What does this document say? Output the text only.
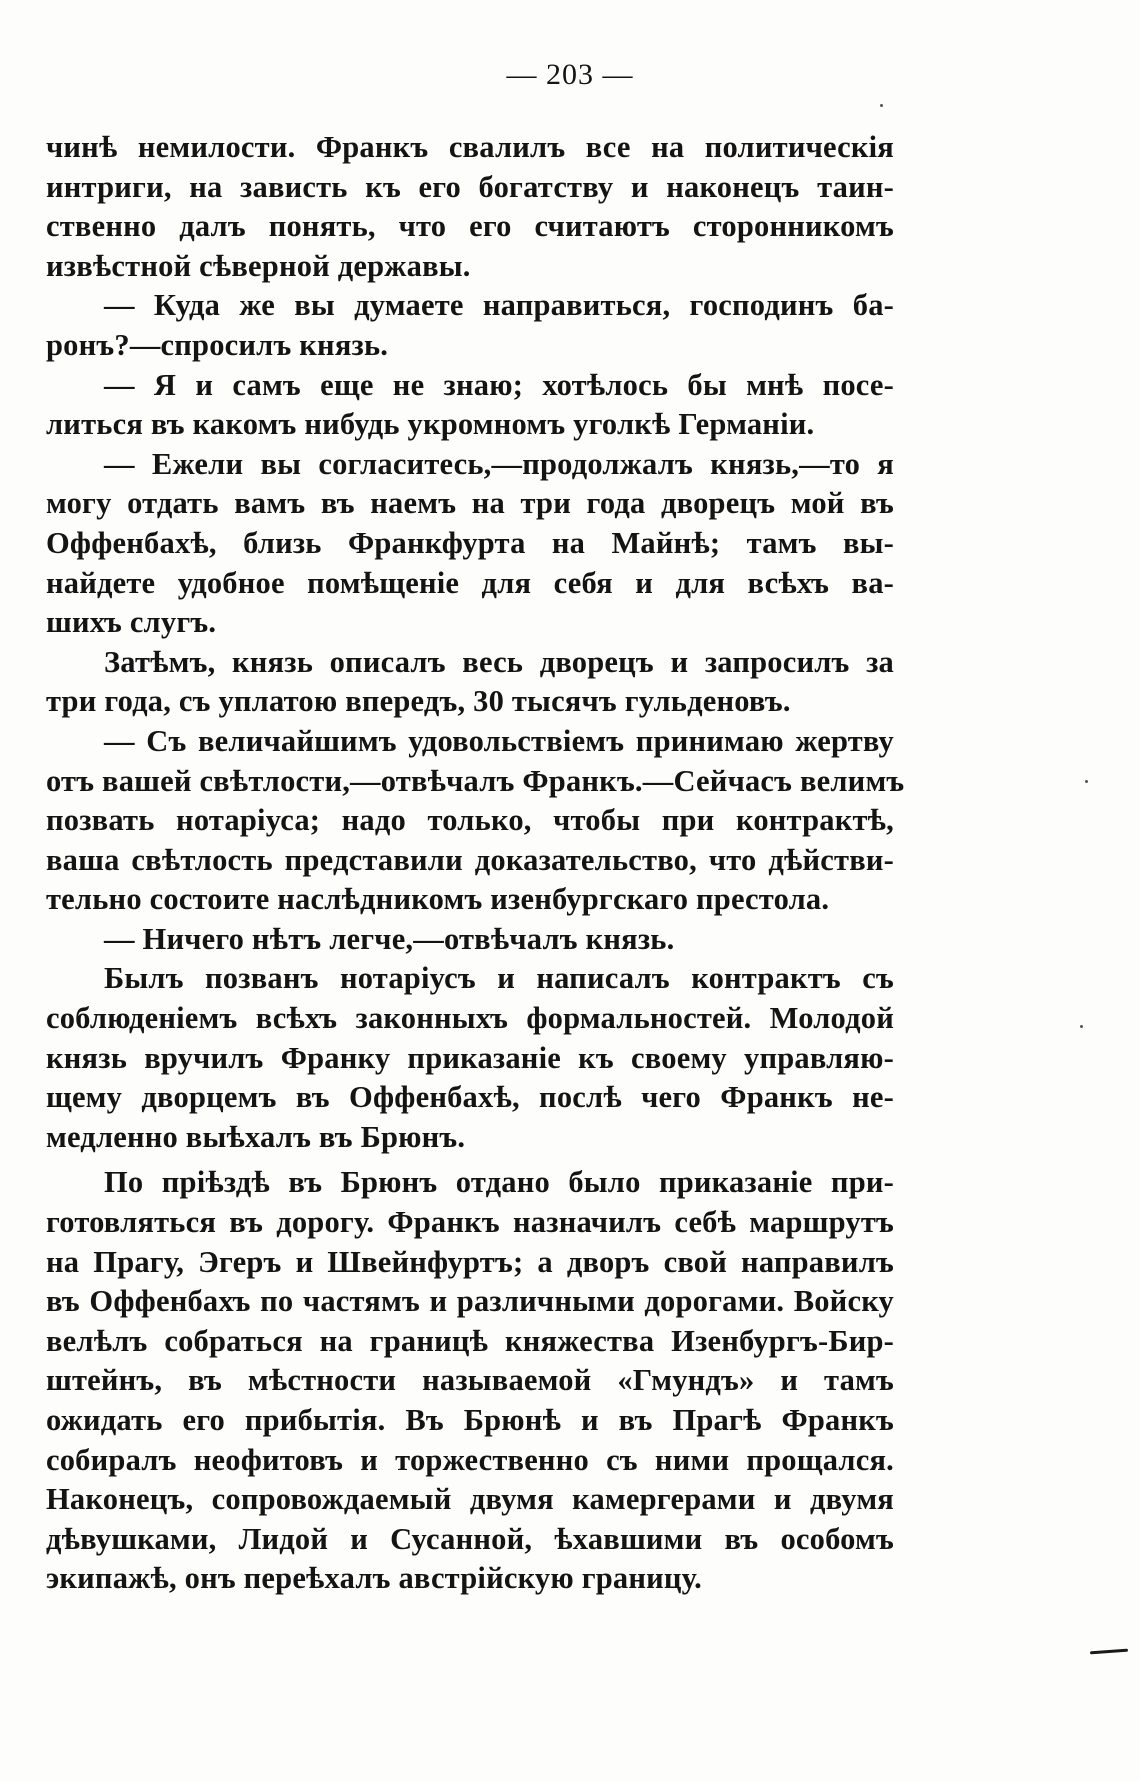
— 203 —
чинѣ немилости. Франкъ свалилъ все на политическія
интриги, на зависть къ его богатству и наконецъ таин-
ственно далъ понять, что его считаютъ сторонникомъ
извѣстной сѣверной державы.
— Куда же вы думаете направиться, господинъ ба-
ронъ?—спросилъ князь.
— Я и самъ еще не знаю; хотѣлось бы мнѣ посе-
литься въ какомъ нибудь укромномъ уголкѣ Германіи.
— Ежели вы согласитесь,—продолжалъ князь,—то я
могу отдать вамъ въ наемъ на три года дворецъ мой въ
Оффенбахѣ, близь Франкфурта на Майнѣ; тамъ вы-
найдете удобное помѣщеніе для себя и для всѣхъ ва-
шихъ слугъ.
Затѣмъ, князь описалъ весь дворецъ и запросилъ за
три года, съ уплатою впередъ, 30 тысячъ гульденовъ.
— Съ величайшимъ удовольствіемъ принимаю жертву
отъ вашей свѣтлости,—отвѣчалъ Франкъ.—Сейчасъ велимъ
позвать нотаріуса; надо только, чтобы при контрактѣ,
ваша свѣтлость представили доказательство, что дѣйстви-
тельно состоите наслѣдникомъ изенбургскаго престола.
— Ничего нѣтъ легче,—отвѣчалъ князь.
Былъ позванъ нотаріусъ и написалъ контрактъ съ
соблюденіемъ всѣхъ законныхъ формальностей. Молодой
князь вручилъ Франку приказаніе къ своему управляю-
щему дворцемъ въ Оффенбахѣ, послѣ чего Франкъ не-
медленно выѣхалъ въ Брюнъ.
По пріѣздѣ въ Брюнъ отдано было приказаніе при-
готовляться въ дорогу. Франкъ назначилъ себѣ маршрутъ
на Прагу, Эгеръ и Швейнфуртъ; а дворъ свой направилъ
въ Оффенбахъ по частямъ и различными дорогами. Войску
велѣлъ собраться на границѣ княжества Изенбургъ-Бир-
штейнъ, въ мѣстности называемой «Гмундъ» и тамъ
ожидать его прибытія. Въ Брюнѣ и въ Прагѣ Франкъ
собиралъ неофитовъ и торжественно съ ними прощался.
Наконецъ, сопровождаемый двумя камергерами и двумя
дѣвушками, Лидой и Сусанной, ѣхавшими въ особомъ
экипажѣ, онъ переѣхалъ австрійскую границу.
